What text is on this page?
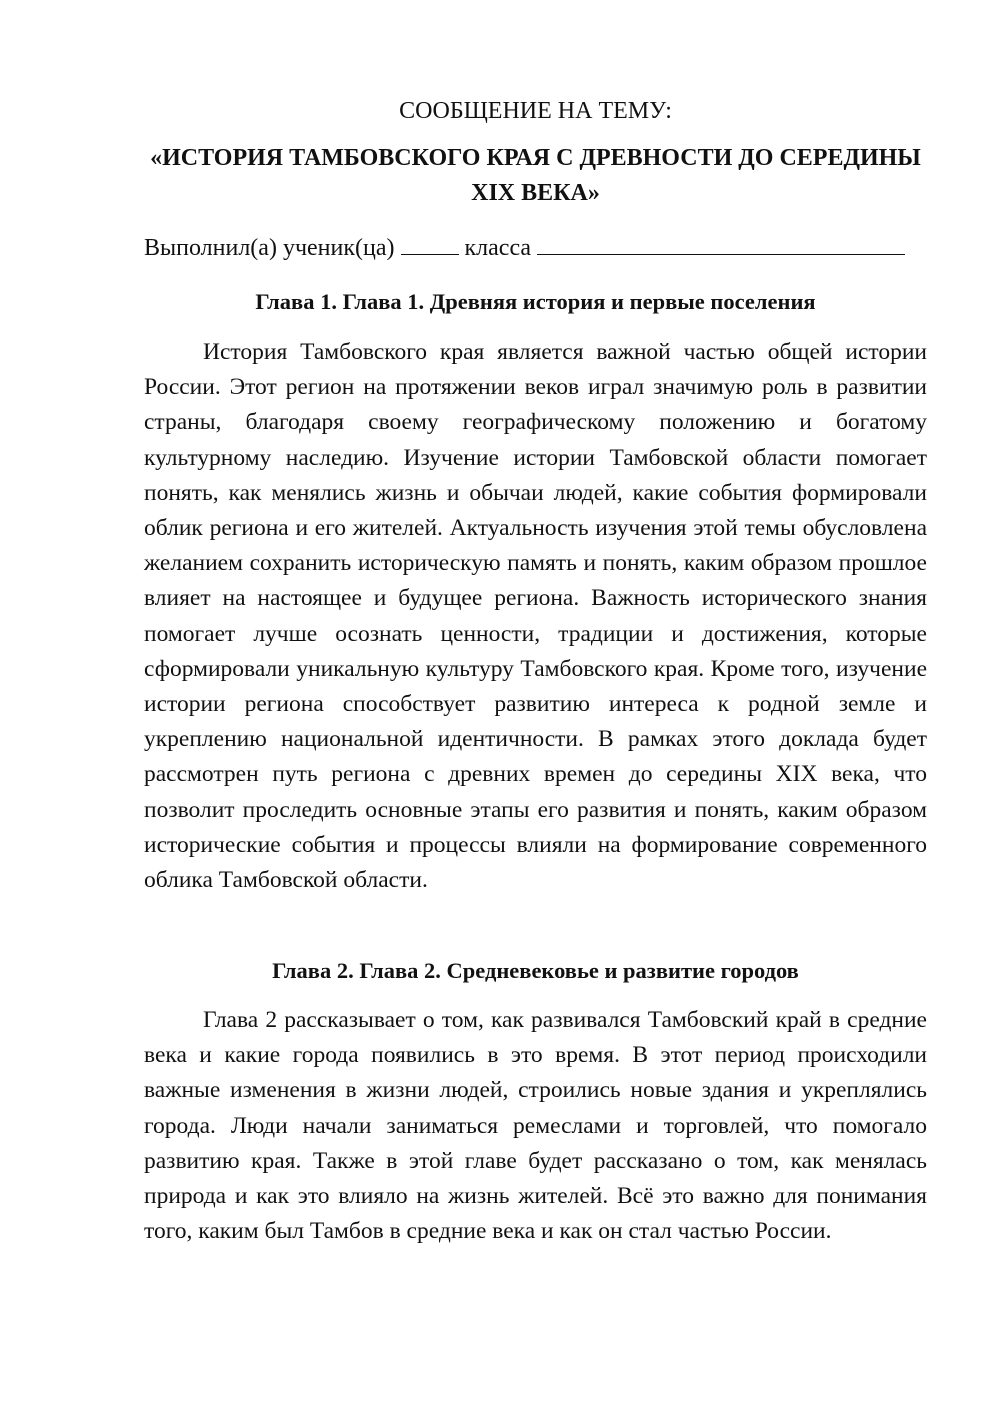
СООБЩЕНИЕ НА ТЕМУ:
«ИСТОРИЯ ТАМБОВСКОГО КРАЯ С ДРЕВНОСТИ ДО СЕРЕДИНЫ XIX ВЕКА»
Выполнил(а) ученик(ца)	класса
Глава 1. Глава 1. Древняя история и первые поселения

История Тамбовского края является важной частью общей истории России. Этот регион на протяжении веков играл значимую роль в развитии страны, благодаря своему географическому положению и богатому культурному наследию. Изучение истории Тамбовской области помогает понять, как менялись жизнь и обычаи людей, какие события формировали облик региона и его жителей. Актуальность изучения этой темы обусловлена желанием сохранить историческую память и понять, каким образом прошлое влияет на настоящее и будущее региона. Важность исторического знания помогает лучше осознать ценности, традиции и достижения, которые сформировали уникальную культуру Тамбовского края. Кроме того, изучение истории региона способствует развитию интереса к родной земле и укреплению национальной идентичности. В рамках этого доклада будет рассмотрен путь региона с древних времен до середины XIX века, что позволит проследить основные этапы его развития и понять, каким образом исторические события и процессы влияли на формирование современного облика Тамбовской области.

Глава 2. Глава 2. Средневековье и развитие городов

Глава 2 рассказывает о том, как развивался Тамбовский край в средние века и какие города появились в это время. В этот период происходили важные изменения в жизни людей, строились новые здания и укреплялись города. Люди начали заниматься ремеслами и торговлей, что помогало развитию края. Также в этой главе будет рассказано о том, как менялась природа и как это влияло на жизнь жителей. Всё это важно для понимания того, каким был Тамбов в средние века и как он стал частью России.
